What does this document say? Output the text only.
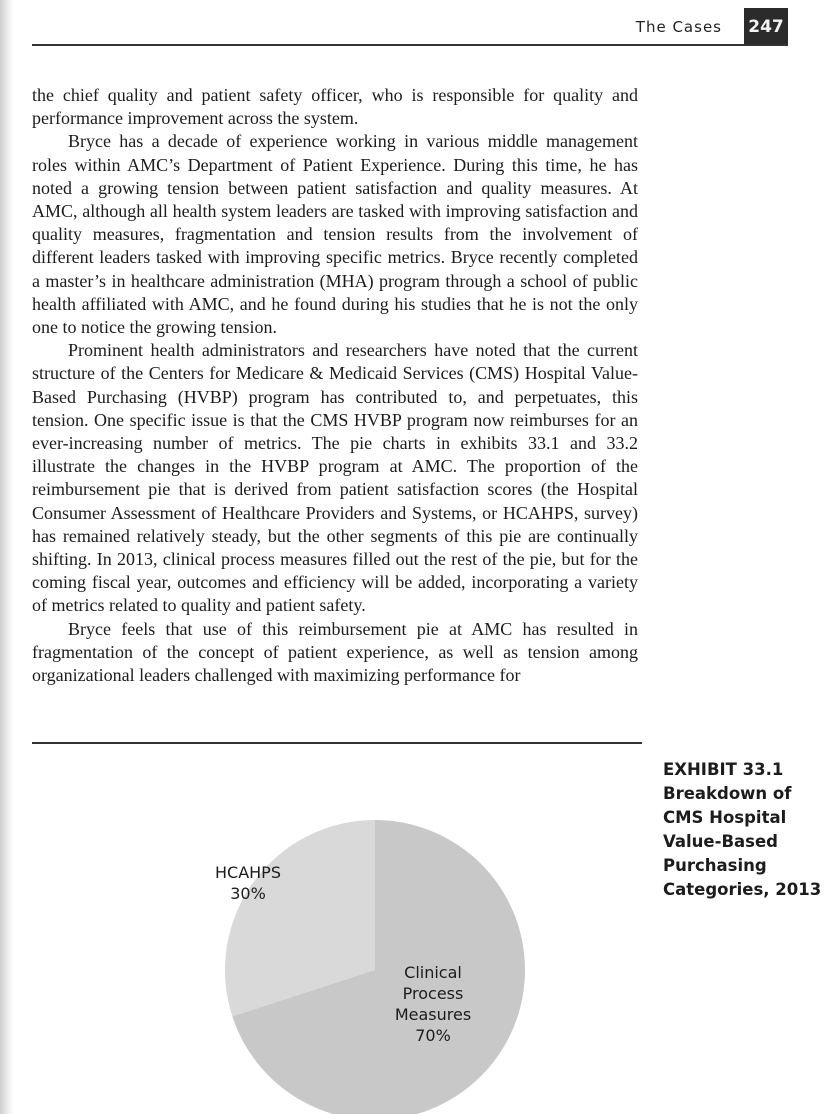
The Cases 247

the chief quality and patient safety officer, who is responsible for quality and performance improvement across the system.

Bryce has a decade of experience working in various middle management roles within AMC’s Department of Patient Experience. During this time, he has noted a growing tension between patient satisfaction and quality measures. At AMC, although all health system leaders are tasked with improving satisfaction and quality measures, fragmentation and tension results from the involvement of different leaders tasked with improving specific metrics. Bryce recently completed a master’s in healthcare administration (MHA) program through a school of public health affiliated with AMC, and he found during his studies that he is not the only one to notice the growing tension.

Prominent health administrators and researchers have noted that the current structure of the Centers for Medicare & Medicaid Services (CMS) Hospital Value-Based Purchasing (HVBP) program has contributed to, and perpetuates, this tension. One specific issue is that the CMS HVBP program now reimburses for an ever-increasing number of metrics. The pie charts in exhibits 33.1 and 33.2 illustrate the changes in the HVBP program at AMC. The proportion of the reimbursement pie that is derived from patient satisfaction scores (the Hospital Consumer Assessment of Healthcare Providers and Systems, or HCAHPS, survey) has remained relatively steady, but the other segments of this pie are continually shifting. In 2013, clinical process measures filled out the rest of the pie, but for the coming fiscal year, outcomes and efficiency will be added, incorporating a variety of metrics related to quality and patient safety.

Bryce feels that use of this reimbursement pie at AMC has resulted in fragmentation of the concept of patient experience, as well as tension among organizational leaders challenged with maximizing performance for

EXHIBIT 33.1
Breakdown of CMS Hospital Value-Based Purchasing Categories, 2013
HCAHPS
30%
Clinical
Process
Measures
70%
